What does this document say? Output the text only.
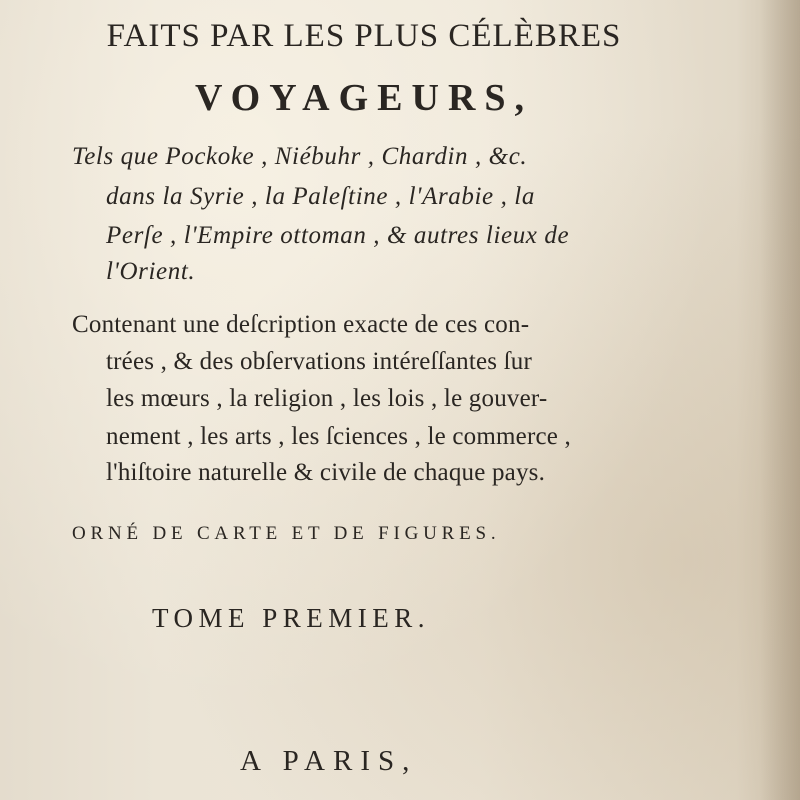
FAITS PAR LES PLUS CÉLÈBRES

VOYAGEURS,

Tels que Pockoke , Niébuhr , Chardin , &c.

dans la Syrie , la Paleſtine , l'Arabie , la

Perſe , l'Empire ottoman , & autres lieux de

l'Orient.

Contenant une deſcription exacte de ces con-

trées , & des obſervations intéreſſantes ſur

les mœurs , la religion , les lois , le gouver-

nement , les arts , les ſciences , le commerce ,

l'hiſtoire naturelle & civile de chaque pays.

ORNÉ DE CARTE ET DE FIGURES.

TOME PREMIER.

A PARIS,
